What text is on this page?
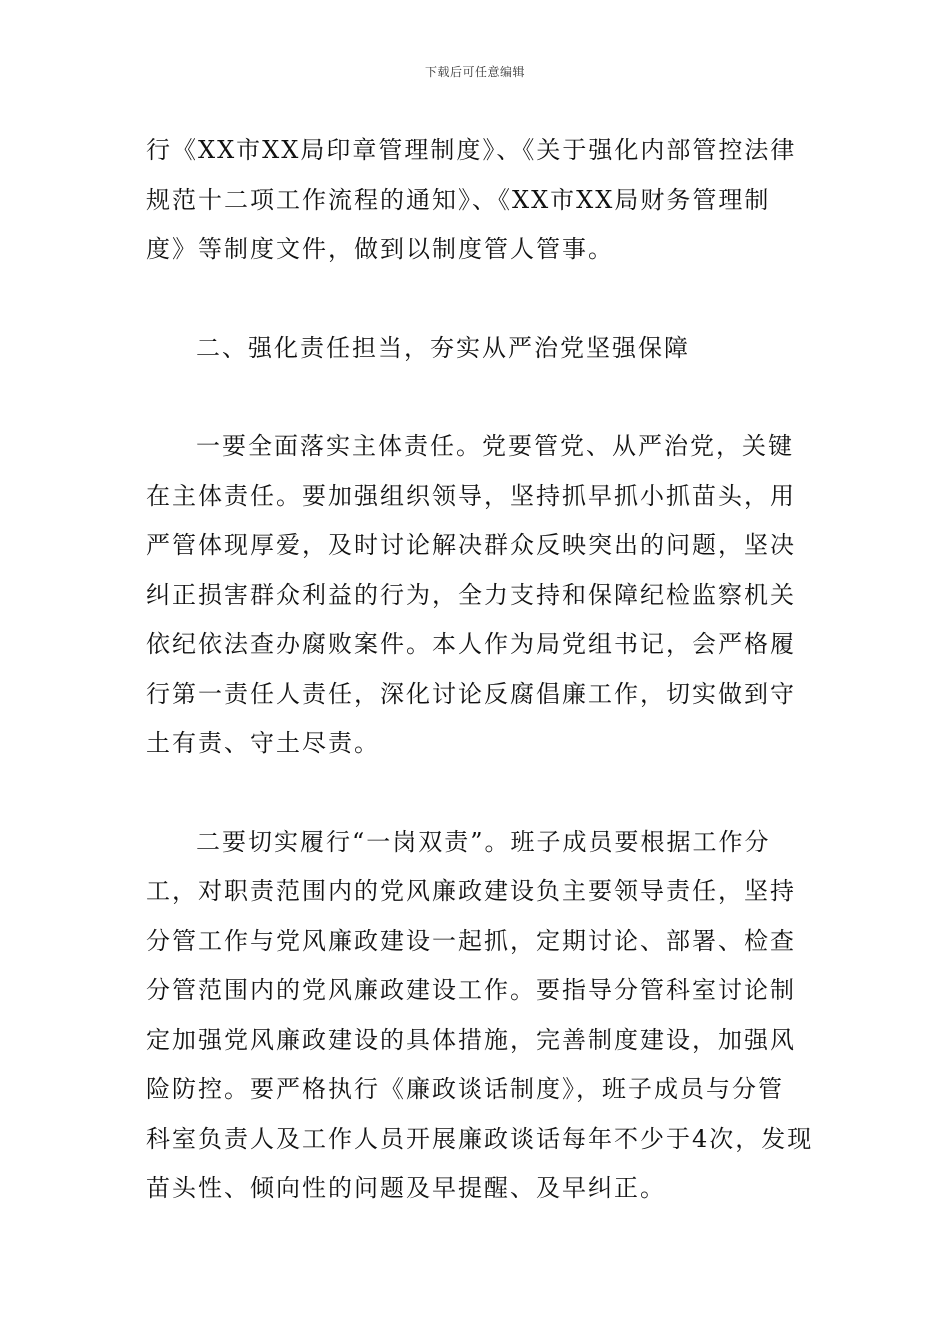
下载后可任意编辑

行《XX市XX局印章管理制度》、《关于强化内部管控法律
规范十二项工作流程的通知》、《XX市XX局财务管理制
度》等制度文件，做到以制度管人管事。

二、强化责任担当，夯实从严治党坚强保障

一要全面落实主体责任。党要管党、从严治党，关键
在主体责任。要加强组织领导，坚持抓早抓小抓苗头，用
严管体现厚爱，及时讨论解决群众反映突出的问题，坚决
纠正损害群众利益的行为，全力支持和保障纪检监察机关
依纪依法查办腐败案件。本人作为局党组书记，会严格履
行第一责任人责任，深化讨论反腐倡廉工作，切实做到守
土有责、守土尽责。

二要切实履行“一岗双责”。班子成员要根据工作分
工，对职责范围内的党风廉政建设负主要领导责任，坚持
分管工作与党风廉政建设一起抓，定期讨论、部署、检查
分管范围内的党风廉政建设工作。要指导分管科室讨论制
定加强党风廉政建设的具体措施，完善制度建设，加强风
险防控。要严格执行《廉政谈话制度》，班子成员与分管
科室负责人及工作人员开展廉政谈话每年不少于4次，发现
苗头性、倾向性的问题及早提醒、及早纠正。
